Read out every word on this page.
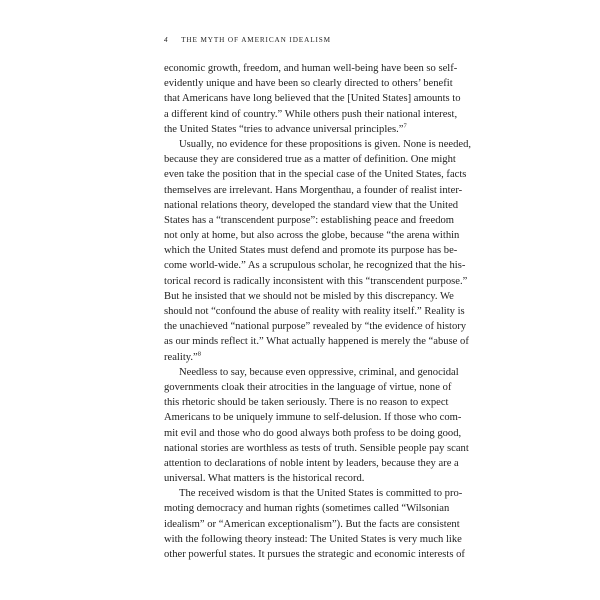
4 THE MYTH OF AMERICAN IDEALISM
economic growth, freedom, and human well-being have been so self-
evidently unique and have been so clearly directed to others’ benefit
that Americans have long believed that the [United States] amounts to
a different kind of country.” While others push their national interest,
the United States “tries to advance universal principles.”$^7$
Usually, no evidence for these propositions is given. None is needed,
because they are considered true as a matter of definition. One might
even take the position that in the special case of the United States, facts
themselves are irrelevant. Hans Morgenthau, a founder of realist inter-
national relations theory, developed the standard view that the United
States has a “transcendent purpose”: establishing peace and freedom
not only at home, but also across the globe, because “the arena within
which the United States must defend and promote its purpose has be-
come world-wide.” As a scrupulous scholar, he recognized that the his-
torical record is radically inconsistent with this “transcendent purpose.”
But he insisted that we should not be misled by this discrepancy. We
should not “confound the abuse of reality with reality itself.” Reality is
the unachieved “national purpose” revealed by “the evidence of history
as our minds reflect it.” What actually happened is merely the “abuse of
reality.”$^8$
Needless to say, because even oppressive, criminal, and genocidal
governments cloak their atrocities in the language of virtue, none of
this rhetoric should be taken seriously. There is no reason to expect
Americans to be uniquely immune to self-delusion. If those who com-
mit evil and those who do good always both profess to be doing good,
national stories are worthless as tests of truth. Sensible people pay scant
attention to declarations of noble intent by leaders, because they are a
universal. What matters is the historical record.
The received wisdom is that the United States is committed to pro-
moting democracy and human rights (sometimes called “Wilsonian
idealism” or “American exceptionalism”). But the facts are consistent
with the following theory instead: The United States is very much like
other powerful states. It pursues the strategic and economic interests of
